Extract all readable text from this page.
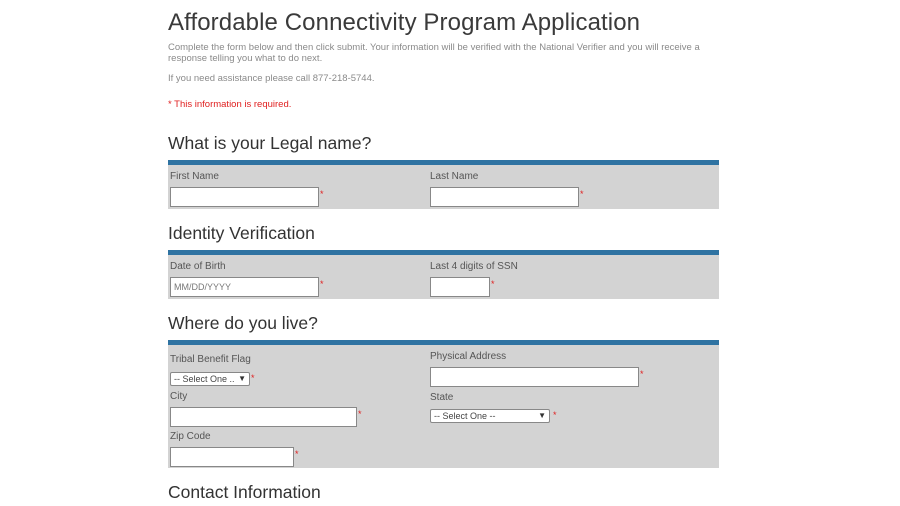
Affordable Connectivity Program Application

Complete the form below and then click submit. Your information will be verified with the National Verifier and you will receive a response telling you what to do next.

If you need assistance please call 877-218-5744.

* This information is required.

What is your Legal name?
First Name
*
Last Name
*
Identity Verification
Date of Birth
MM/DD/YYYY
*
Last 4 digits of SSN
*
Where do you live?
Tribal Benefit Flag
-- Select One .. ▼ *
City
*
Zip Code
*
Physical Address
*
State
-- Select One --	▼ *
Contact Information
